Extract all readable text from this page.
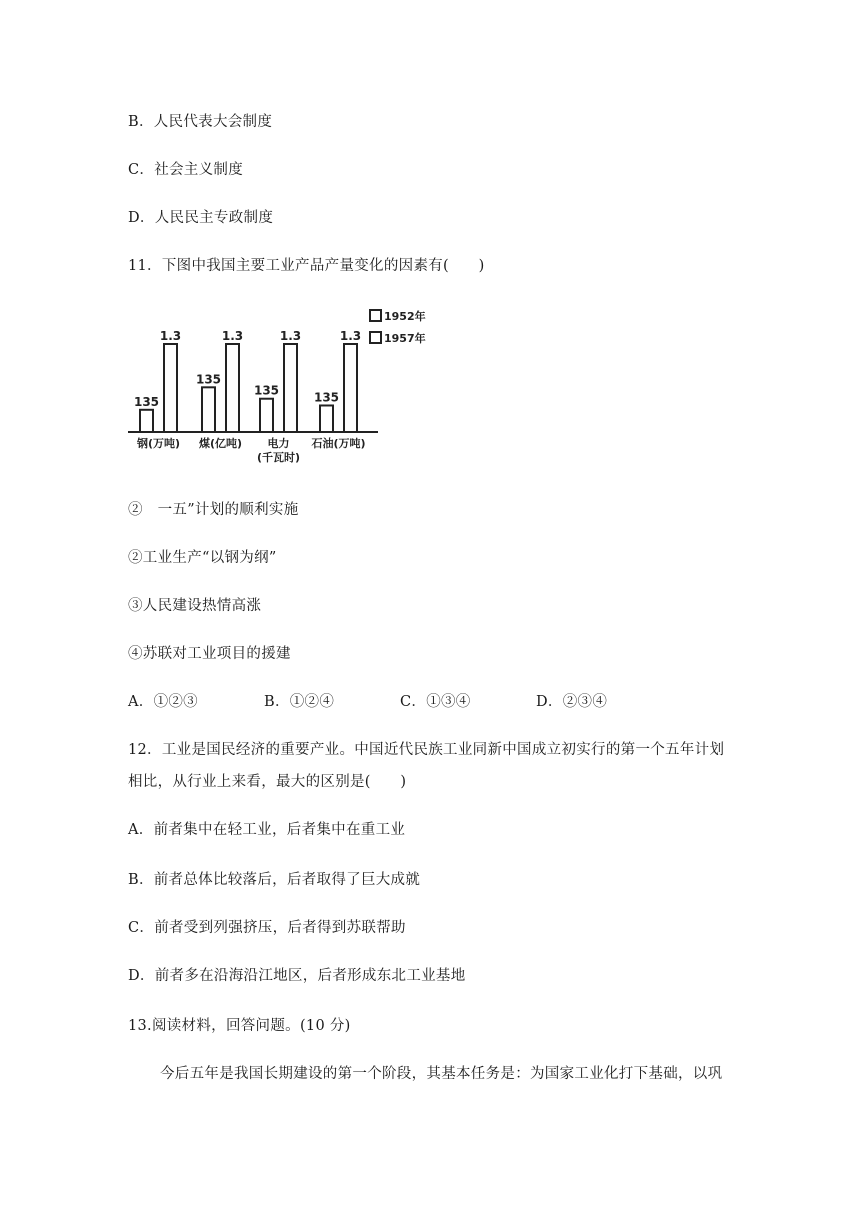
B．人民代表大会制度
C．社会主义制度
D．人民民主专政制度
11．下图中我国主要工业产品产量变化的因素有(　　)
135
1.3
钢(万吨)
135
1.3
煤(亿吨)
135
1.3
电力
(千瓦时)
135
1.3
石油(万吨)
1952年
1957年
②　一五”计划的顺利实施
②工业生产“以钢为纲”
③人民建设热情高涨
④苏联对工业项目的援建
A．①②③	B．①②④	C．①③④	D．②③④
12．工业是国民经济的重要产业。中国近代民族工业同新中国成立初实行的第一个五年计划
相比，从行业上来看，最大的区别是(　　)
A．前者集中在轻工业，后者集中在重工业
B．前者总体比较落后，后者取得了巨大成就
C．前者受到列强挤压，后者得到苏联帮助
D．前者多在沿海沿江地区，后者形成东北工业基地
13.阅读材料，回答问题。(10 分)
今后五年是我国长期建设的第一个阶段，其基本任务是：为国家工业化打下基础，以巩
